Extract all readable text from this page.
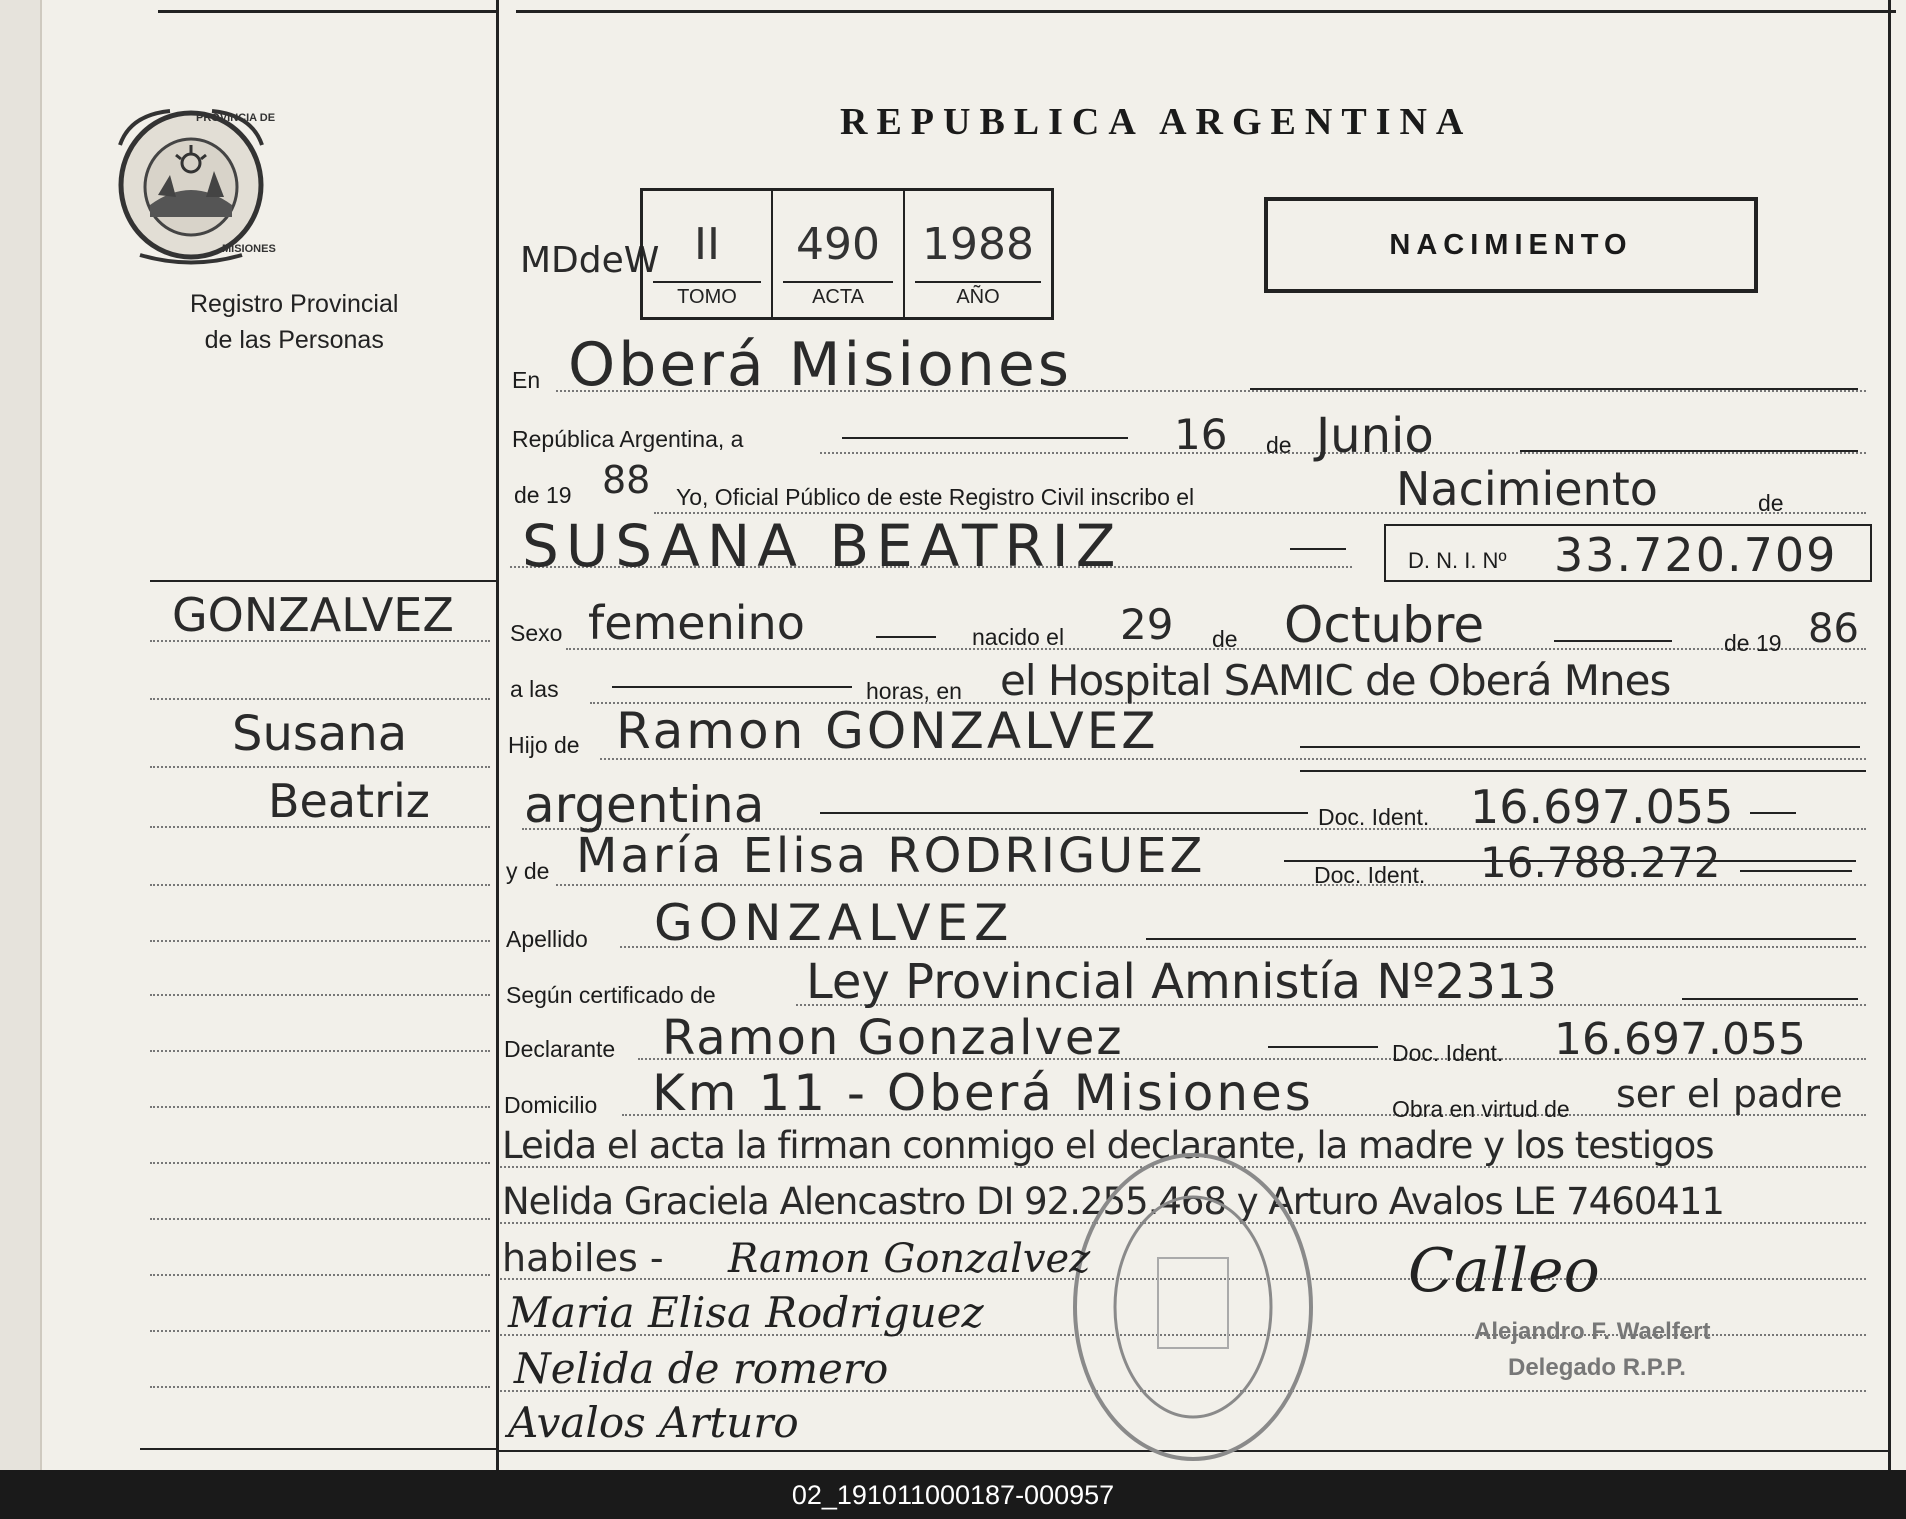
PROVINCIA DE
MISIONES
Registro Provincial
de las Personas
REPUBLICA ARGENTINA
MDdeW II
TOMO
490
ACTA
1988
AÑO
NACIMIENTO
GONZALVEZ
Susana
Beatriz
En Oberá Misiones
República Argentina, a	16 de Junio
de 19 88 Yo, Oficial Público de este Registro Civil inscribo el	Nacimiento	de
SUSANA BEATRIZ	D. N. I. Nº 33.720.709
Sexo femenino	nacido el 29 de Octubre	de 19 86
a las	horas, en el Hospital SAMIC de Oberá Mnes
Hijo de Ramon GONZALVEZ
argentina	Doc. Ident. 16.697.055
y de María Elisa RODRIGUEZ	Doc. Ident. 16.788.272
Apellido GONZALVEZ
Según certificado de Ley Provincial Amnistía Nº2313
Declarante Ramon Gonzalvez	Doc. Ident. 16.697.055
Domicilio Km 11 - Oberá Misiones	Obra en virtud de ser el padre
Leida el acta la firman conmigo el declarante, la madre y los testigos
Nelida Graciela Alencastro DI 92.255.468 y Arturo Avalos LE 7460411
habiles - Ramon Gonzalvez
Maria Elisa Rodriguez
Nelida de romero
Avalos Arturo
Calleo
Alejandro F. Waelfert
Delegado R.P.P.
02_191011000187-000957
